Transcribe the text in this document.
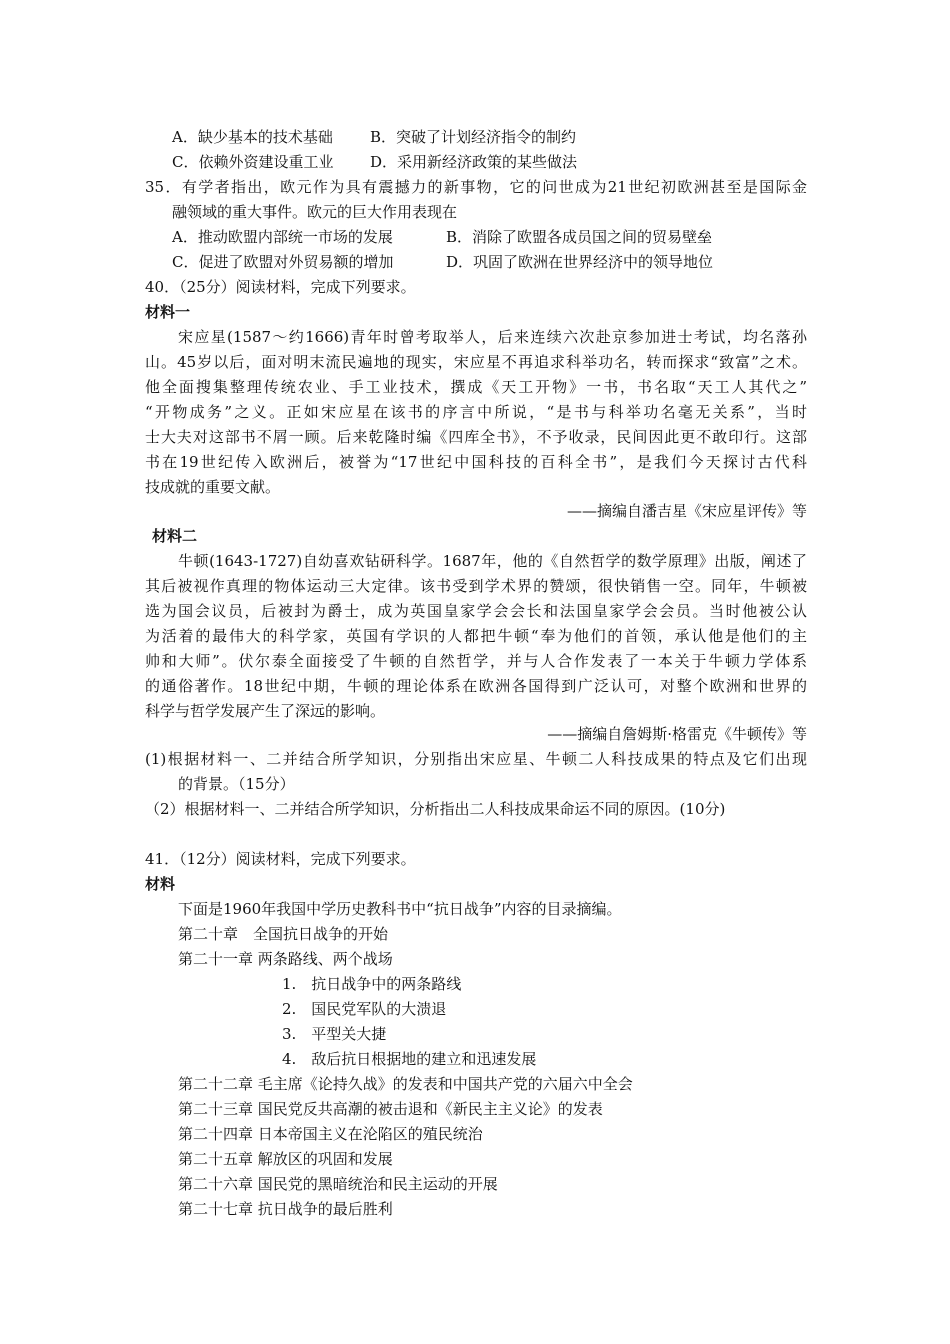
A．缺少基本的技术基础 B．突破了计划经济指令的制约
C．依赖外资建设重工业 D．采用新经济政策的某些做法
35．有学者指出，欧元作为具有震撼力的新事物，它的问世成为21世纪初欧洲甚至是国际金
融领域的重大事件。欧元的巨大作用表现在
A．推动欧盟内部统一市场的发展	B．消除了欧盟各成员国之间的贸易壁垒
C．促进了欧盟对外贸易额的增加	D．巩固了欧洲在世界经济中的领导地位
40．（25分）阅读材料，完成下列要求。
材料一
宋应星(1587～约1666)青年时曾考取举人，后来连续六次赴京参加进士考试，均名落孙
山。45岁以后，面对明末流民遍地的现实，宋应星不再追求科举功名，转而探求“致富”之术。
他全面搜集整理传统农业、手工业技术，撰成《天工开物》一书，书名取“天工人其代之”
“开物成务”之义。正如宋应星在该书的序言中所说，“是书与科举功名毫无关系”，当时
士大夫对这部书不屑一顾。后来乾隆时编《四库全书》，不予收录，民间因此更不敢印行。这部
书在19世纪传入欧洲后，被誉为“17世纪中国科技的百科全书”，是我们今天探讨古代科
技成就的重要文献。
——摘编自潘吉星《宋应星评传》等
材料二
牛顿(1643-1727)自幼喜欢钻研科学。1687年，他的《自然哲学的数学原理》出版，阐述了
其后被视作真理的物体运动三大定律。该书受到学术界的赞颂，很快销售一空。同年，牛顿被
选为国会议员，后被封为爵士，成为英国皇家学会会长和法国皇家学会会员。当时他被公认
为活着的最伟大的科学家，英国有学识的人都把牛顿“奉为他们的首领，承认他是他们的主
帅和大师”。伏尔泰全面接受了牛顿的自然哲学，并与人合作发表了一本关于牛顿力学体系
的通俗著作。18世纪中期，牛顿的理论体系在欧洲各国得到广泛认可，对整个欧洲和世界的
科学与哲学发展产生了深远的影响。
——摘编自詹姆斯·格雷克《牛顿传》等
(1)根据材料一、二并结合所学知识，分别指出宋应星、牛顿二人科技成果的特点及它们出现
的背景。（15分）
（2）根据材料一、二并结合所学知识，分析指出二人科技成果命运不同的原因。(10分)
41．（12分）阅读材料，完成下列要求。
材料
下面是1960年我国中学历史教科书中“抗日战争”内容的目录摘编。
第二十章　全国抗日战争的开始
第二十一章 两条路线、两个战场
1.　抗日战争中的两条路线
2.　国民党军队的大溃退
3.　平型关大捷
4.　敌后抗日根据地的建立和迅速发展
第二十二章 毛主席《论持久战》的发表和中国共产党的六届六中全会
第二十三章 国民党反共高潮的被击退和《新民主主义论》的发表
第二十四章 日本帝国主义在沦陷区的殖民统治
第二十五章 解放区的巩固和发展
第二十六章 国民党的黑暗统治和民主运动的开展
第二十七章 抗日战争的最后胜利
